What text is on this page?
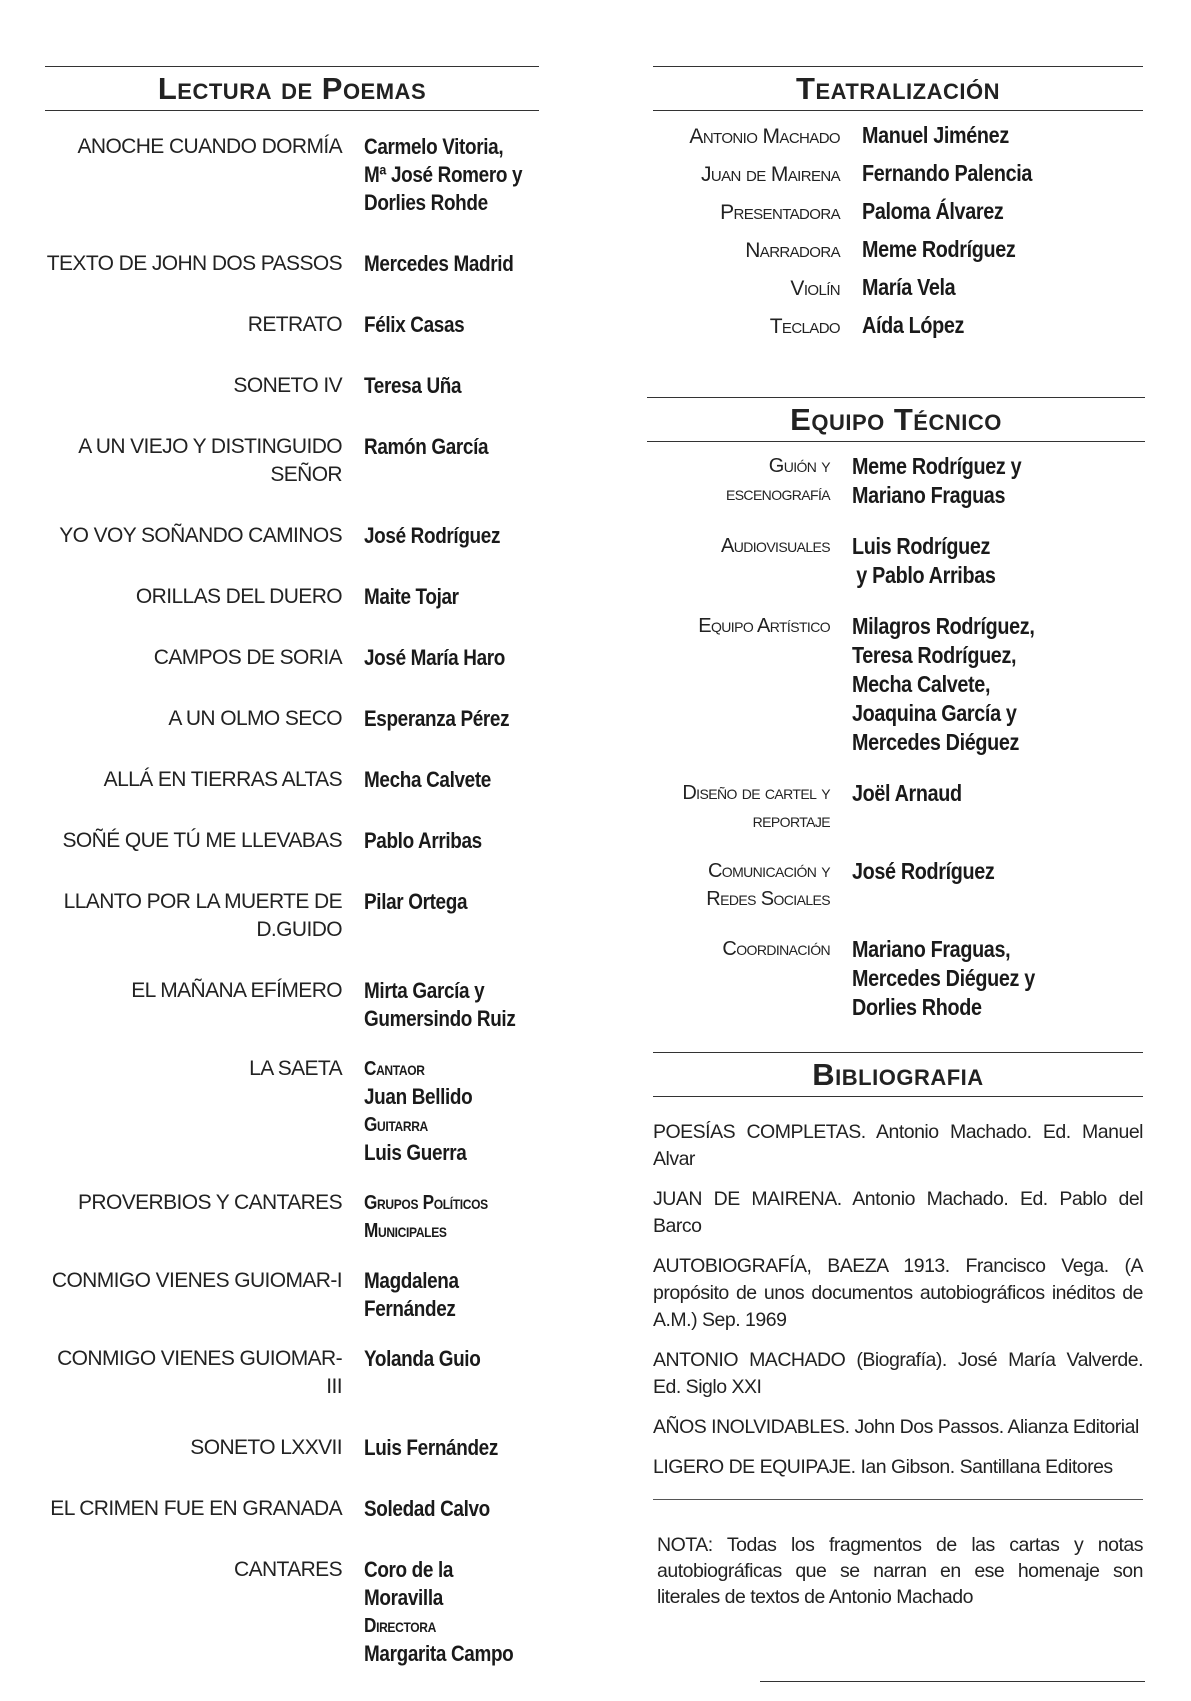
Lectura de Poemas
ANOCHE CUANDO DORMÍA Carmelo Vitoria,
Mª José Romero y
Dorlies Rohde
TEXTO DE JOHN DOS PASSOS Mercedes Madrid
RETRATO Félix Casas
SONETO IV Teresa Uña
A UN VIEJO Y DISTINGUIDO SEÑOR
Ramón García
YO VOY SOÑANDO CAMINOS José Rodríguez
ORILLAS DEL DUERO Maite Tojar
CAMPOS DE SORIA José María Haro
A UN OLMO SECO Esperanza Pérez
ALLÁ EN TIERRAS ALTAS Mecha Calvete
SOÑÉ QUE TÚ ME LLEVABAS Pablo Arribas
LLANTO POR LA MUERTE DE D.GUIDO
Pilar Ortega
EL MAÑANA EFÍMERO Mirta García y
Gumersindo Ruiz
LA SAETA Cantaor
Juan Bellido
Guitarra
Luis Guerra
PROVERBIOS Y CANTARES Grupos Políticos
Municipales
CONMIGO VIENES GUIOMAR-I Magdalena
Fernández
CONMIGO VIENES GUIOMAR-III
Yolanda Guio
SONETO LXXVII Luis Fernández
EL CRIMEN FUE EN GRANADA Soledad Calvo
CANTARES Coro de la
Moravilla
Directora
Margarita Campo
Teatralización
Antonio Machado Manuel Jiménez
Juan de Mairena Fernando Palencia
Presentadora Paloma Álvarez
Narradora Meme Rodríguez
Violín María Vela
Teclado Aída López
Equipo Técnico
Guión y
escenografía
Meme Rodríguez y
Mariano Fraguas
Audiovisuales Luis Rodríguez
y Pablo Arribas
Equipo Artístico Milagros Rodríguez,
Teresa Rodríguez,
Mecha Calvete,
Joaquina García y
Mercedes Diéguez
Diseño de cartel y
reportaje
Joël Arnaud
Comunicación y
Redes Sociales
José Rodríguez
Coordinación Mariano Fraguas,
Mercedes Diéguez y
Dorlies Rhode
Bibliografia
POESÍAS COMPLETAS. Antonio Machado. Ed. Manuel Alvar
JUAN DE MAIRENA. Antonio Machado. Ed. Pablo del Barco
AUTOBIOGRAFÍA, BAEZA 1913. Francisco Vega. (A propósito de unos documentos autobiográficos inéditos de A.M.) Sep. 1969
ANTONIO MACHADO (Biografía). José María Valverde. Ed. Siglo XXI
AÑOS INOLVIDABLES. John Dos Passos. Alianza Editorial
LIGERO DE EQUIPAJE. Ian Gibson. Santillana Editores
NOTA: Todas los fragmentos de las cartas y notas autobiográficas que se narran en ese homenaje son literales de textos de Antonio Machado
